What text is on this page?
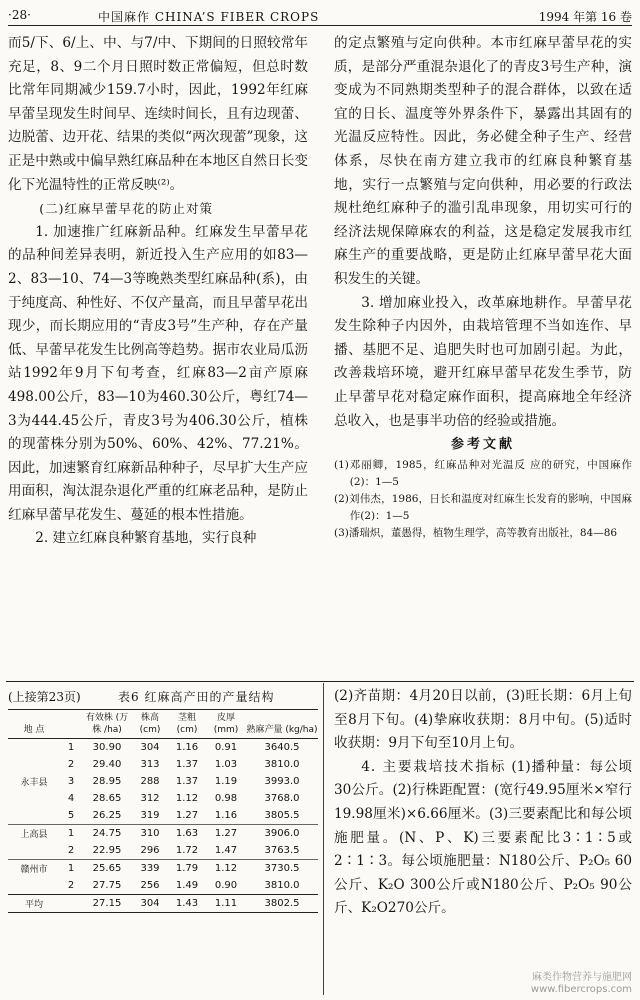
·28·	中国麻作 CHINA’S FIBER CROPS	1994 年第 16 卷

而5/下、6/上、中、与7/中、下期间的日照较常年充足，8、9二个月日照时数正常偏短，但总时数比常年同期减少159.7小时，因此，1992年红麻早蕾呈现发生时间早、连续时间长，且有边现蕾、边脱蕾、边开花、结果的类似“两次现蕾”现象，这正是中熟或中偏早熟红麻品种在本地区自然日长变化下光温特性的正常反映⁽²⁾。

(二)红麻早蕾早花的防止对策

1. 加速推广红麻新品种。红麻发生早蕾早花的品种间差异表明，新近投入生产应用的如83—2、83—10、74—3等晚熟类型红麻品种(系)，由于纯度高、种性好、不仅产量高，而且早蕾早花出现少，而长期应用的“青皮3号”生产种，存在产量低、早蕾早花发生比例高等趋势。据市农业局瓜沥站1992年9月下旬考查，红麻83—2亩产原麻498.00公斤，83—10为460.30公斤，粤红74—3为444.45公斤，青皮3号为406.30公斤，植株的现蕾株分别为50%、60%、42%、77.21%。因此，加速繁育红麻新品种种子，尽早扩大生产应用面积，淘汰混杂退化严重的红麻老品种，是防止红麻早蕾早花发生、蔓延的根本性措施。

2. 建立红麻良种繁育基地，实行良种

的定点繁殖与定向供种。本市红麻早蕾早花的实质，是部分严重混杂退化了的青皮3号生产种，演变成为不同熟期类型种子的混合群体，以致在适宜的日长、温度等外界条件下，暴露出其固有的光温反应特性。因此，务必健全种子生产、经营体系，尽快在南方建立我市的红麻良种繁育基地，实行一点繁殖与定向供种，用必要的行政法规杜绝红麻种子的滥引乱串现象，用切实可行的经济法规保障麻农的利益，这是稳定发展我市红麻生产的重要战略，更是防止红麻早蕾早花大面积发生的关键。

3. 增加麻业投入，改革麻地耕作。早蕾早花发生除种子内因外，由栽培管理不当如连作、早播、基肥不足、追肥失时也可加剧引起。为此，改善栽培环境，避开红麻早蕾早花发生季节，防止早蕾早花对稳定麻作面积，提高麻地全年经济总收入，也是事半功倍的经验或措施。

参考文献

(1)邓丽卿，1985，红麻品种对光温反 应的研究，中国麻作(2)：1—5

(2)刘伟杰，1986，日长和温度对红麻生长发育的影响，中国麻作(2)：1—5

(3)潘瑞炽，董愚得，植物生理学，高等教育出版社，84—86

(上接第23页)	表6 红麻高产田的产量结构
地 点		有效株 (万株 /ha)	株高 (cm)	茎粗 (cm)	皮厚 (mm)	熟麻产量 (kg/ha)
	1	30.90	304	1.16	0.91	3640.5
	2	29.40	313	1.37	1.03	3810.0
永丰县	3	28.95	288	1.37	1.19	3993.0
	4	28.65	312	1.12	0.98	3768.0
	5	26.25	319	1.27	1.16	3805.5
上高县	1	24.75	310	1.63	1.27	3906.0
	2	22.95	296	1.72	1.47	3763.5
赣州市	1	25.65	339	1.79	1.12	3730.5
	2	27.75	256	1.49	0.90	3810.0
平均		27.15	304	1.43	1.11	3802.5

(2)齐苗期：4月20日以前，(3)旺长期：6月上旬至8月下旬。(4)挚麻收获期：8月中旬。(5)适时收获期：9月下旬至10月上旬。

4. 主要栽培技术指标 (1)播种量：每公顷30公斤。(2)行株距配置：(宽行49.95厘米×窄行19.98厘米)×6.66厘米。(3)三要素配比和每公顷施肥量。(N、P、K)三要素配比3∶1∶5或2∶1∶3。每公顷施肥量：N180公斤、P₂O₅ 60公斤、K₂O 300公斤或N180公斤、P₂O₅ 90公斤、K₂O270公斤。

麻类作物营养与施肥网
www.fibercrops.com
